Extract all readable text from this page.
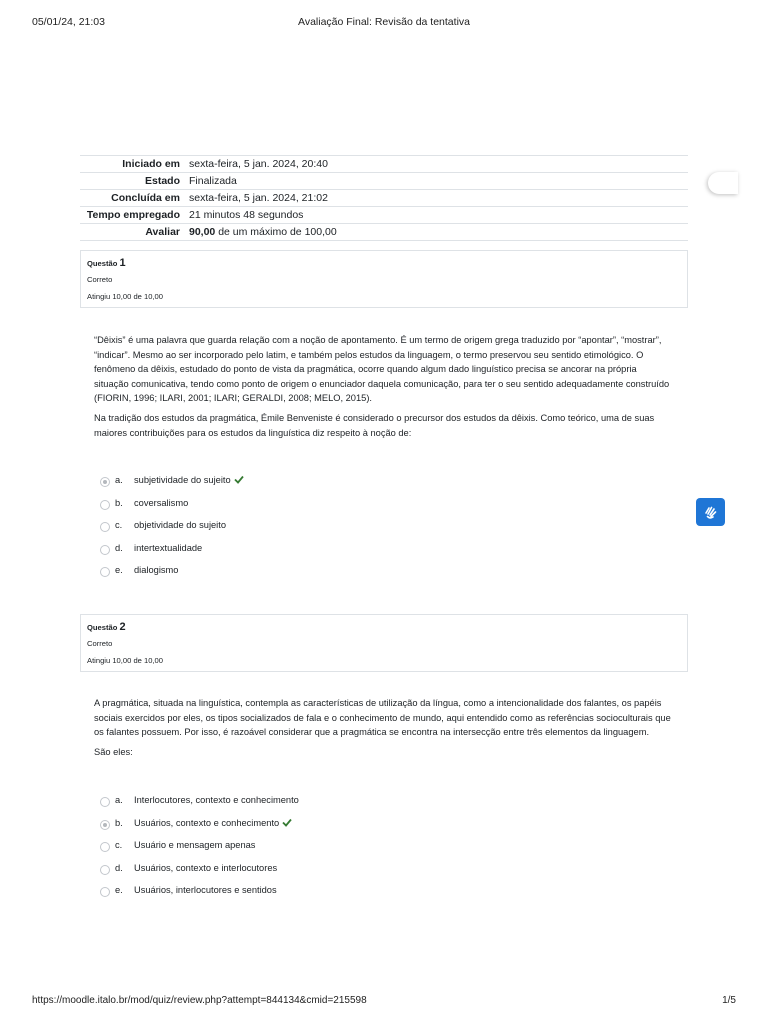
05/01/24, 21:03	Avaliação Final: Revisão da tentativa
Iniciado em	sexta-feira, 5 jan. 2024, 20:40
Estado	Finalizada
Concluída em	sexta-feira, 5 jan. 2024, 21:02
Tempo empregado	21 minutos 48 segundos
Avaliar	90,00 de um máximo de 100,00
Questão 1
Correto
Atingiu 10,00 de 10,00

“Dêixis” é uma palavra que guarda relação com a noção de apontamento. É um termo de origem grega traduzido por “apontar”, “mostrar”, “indicar”. Mesmo ao ser incorporado pelo latim, e também pelos estudos da linguagem, o termo preservou seu sentido etimológico. O fenômeno da dêixis, estudado do ponto de vista da pragmática, ocorre quando algum dado linguístico precisa se ancorar na própria situação comunicativa, tendo como ponto de origem o enunciador daquela comunicação, para ter o seu sentido adequadamente construído (FIORIN, 1996; ILARI, 2001; ILARI; GERALDI, 2008; MELO, 2015).

Na tradição dos estudos da pragmática, Émile Benveniste é considerado o precursor dos estudos da dêixis. Como teórico, uma de suas maiores contribuições para os estudos da linguística diz respeito à noção de:

a. subjetividade do sujeito
b. coversalismo
c. objetividade do sujeito
d. intertextualidade
e. dialogismo
Questão 2
Correto
Atingiu 10,00 de 10,00

A pragmática, situada na linguística, contempla as características de utilização da língua, como a intencionalidade dos falantes, os papéis sociais exercidos por eles, os tipos socializados de fala e o conhecimento de mundo, aqui entendido como as referências socioculturais que os falantes possuem. Por isso, é razoável considerar que a pragmática se encontra na intersecção entre três elementos da linguagem.

São eles:

a. Interlocutores, contexto e conhecimento
b. Usuários, contexto e conhecimento
c. Usuário e mensagem apenas
d. Usuários, contexto e interlocutores
e. Usuários, interlocutores e sentidos
https://moodle.italo.br/mod/quiz/review.php?attempt=844134&cmid=215598	1/5
